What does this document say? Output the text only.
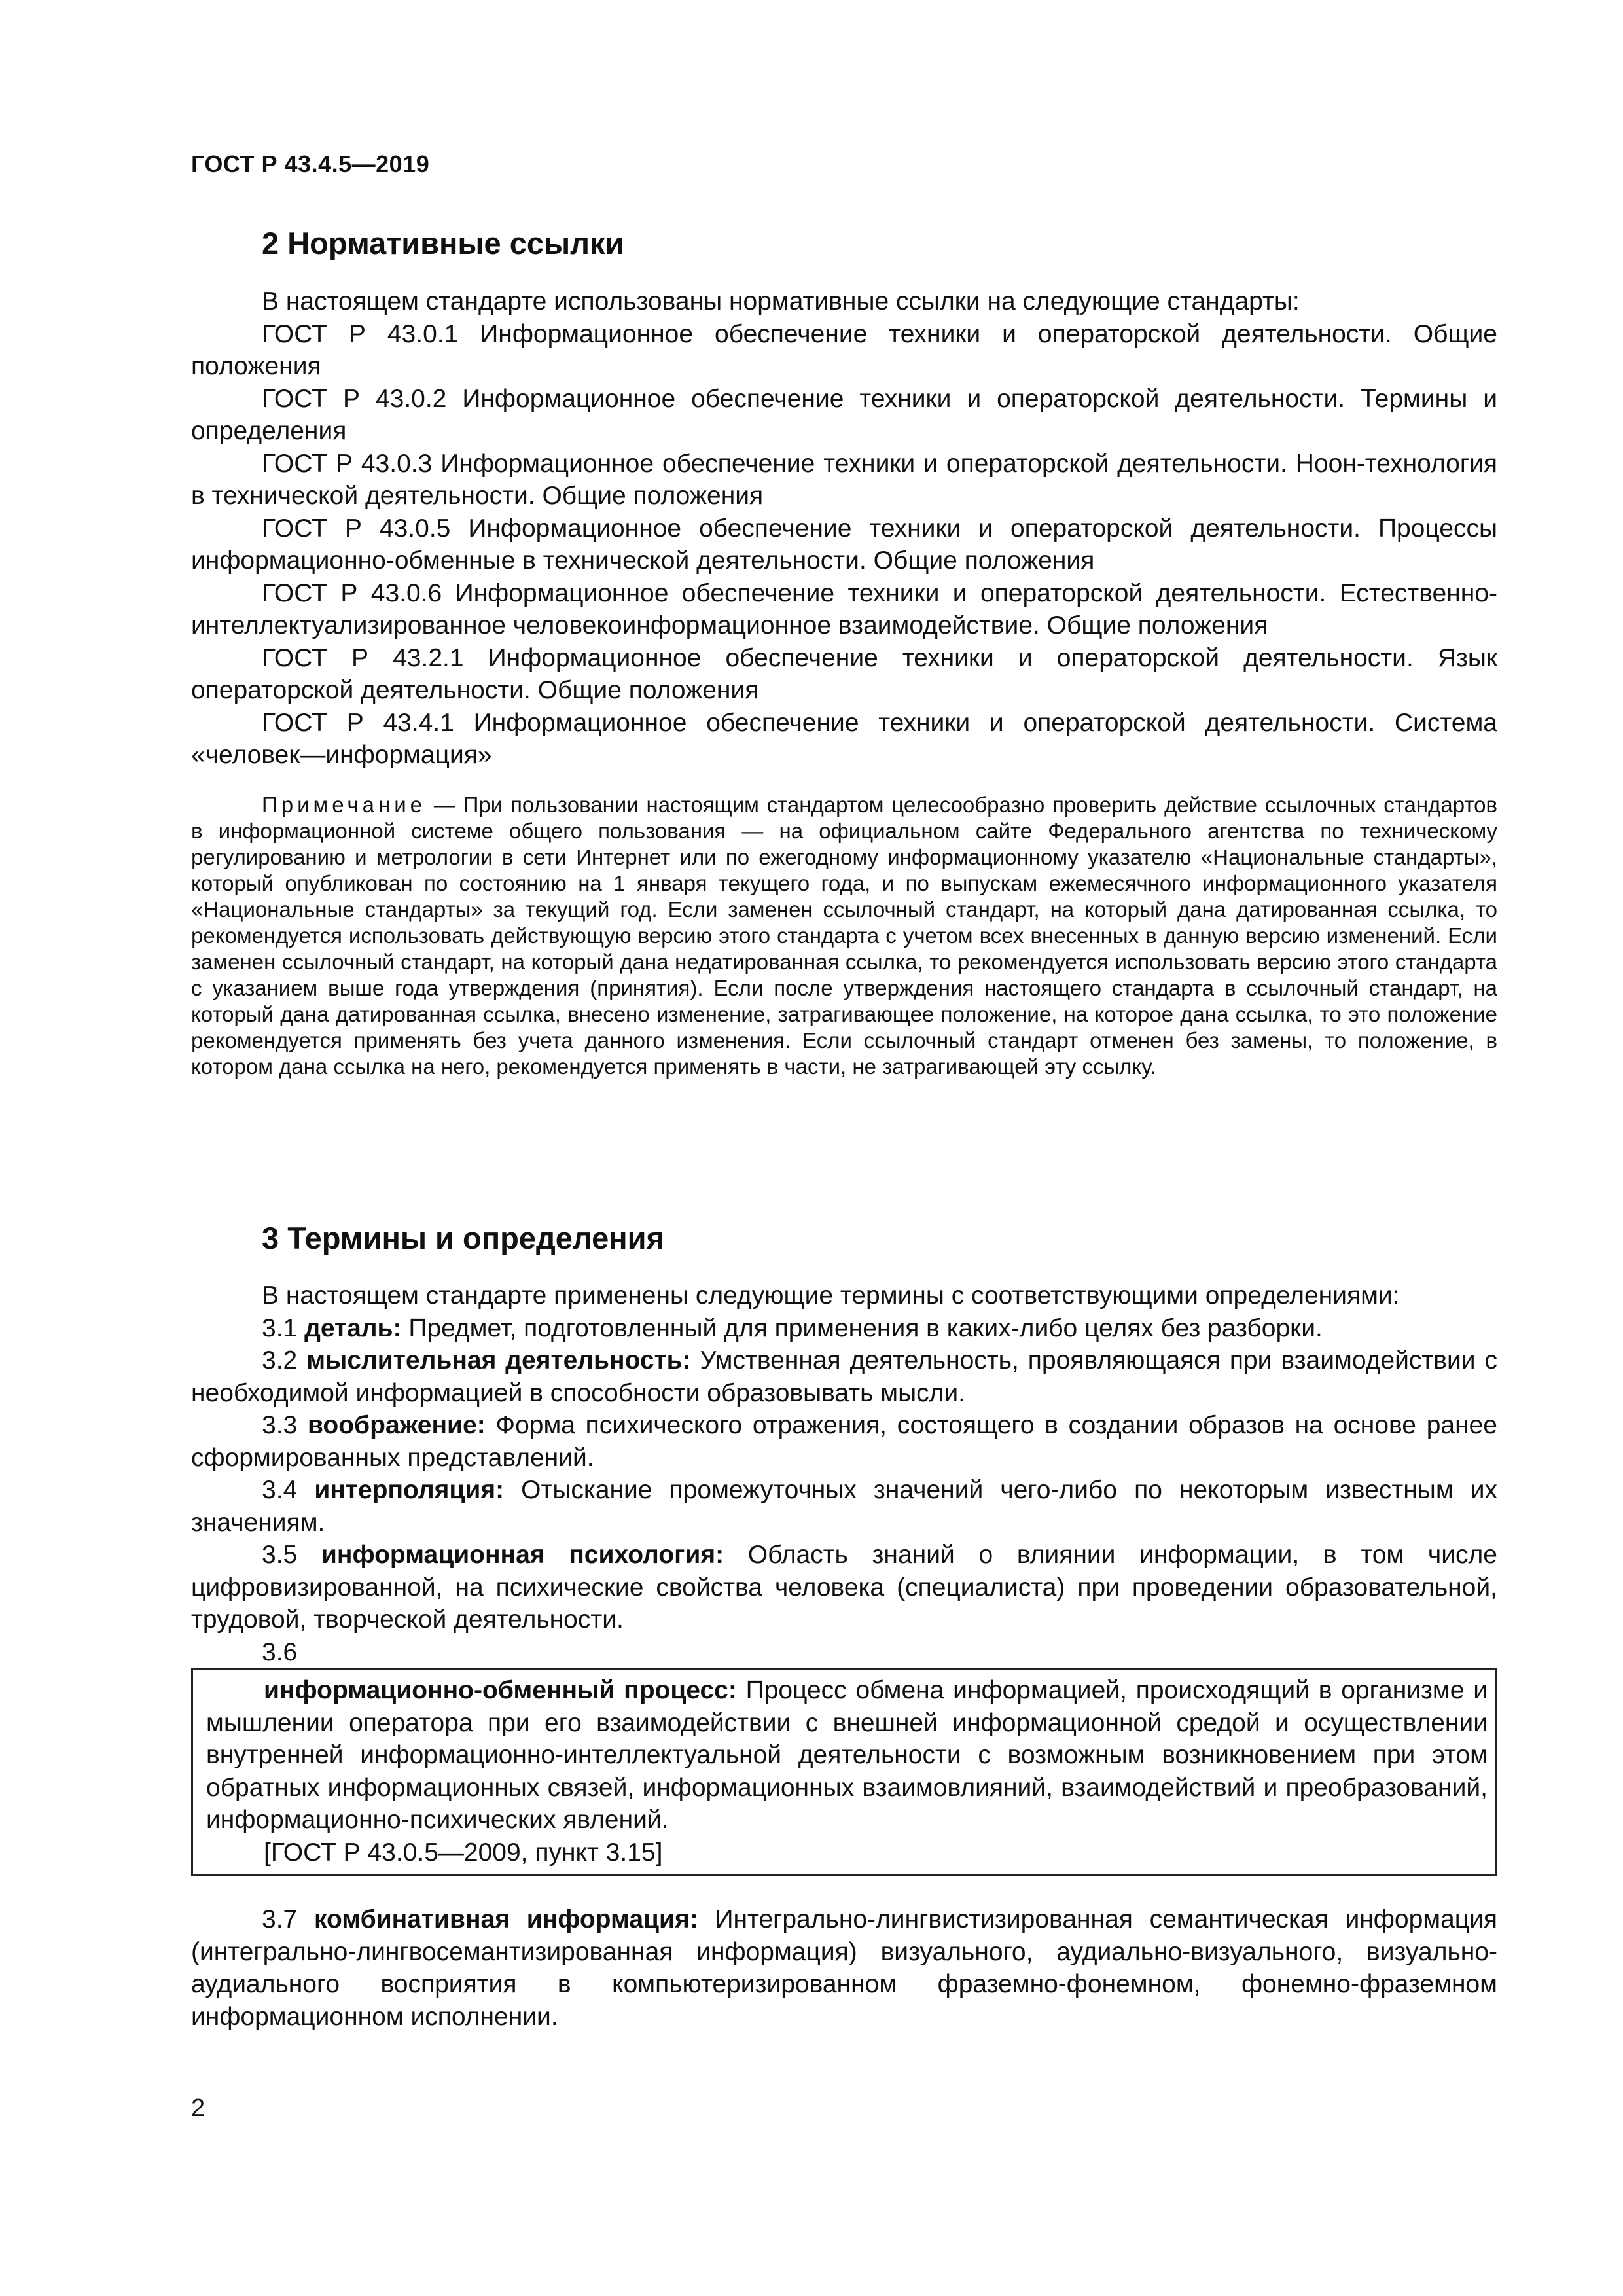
ГОСТ Р 43.4.5—2019
2 Нормативные ссылки

В настоящем стандарте использованы нормативные ссылки на следующие стандарты:

ГОСТ Р 43.0.1 Информационное обеспечение техники и операторской деятельности. Общие положения

ГОСТ Р 43.0.2 Информационное обеспечение техники и операторской деятельности. Термины и определения

ГОСТ Р 43.0.3 Информационное обеспечение техники и операторской деятельности. Ноон-технология в технической деятельности. Общие положения

ГОСТ Р 43.0.5 Информационное обеспечение техники и операторской деятельности. Процессы информационно-обменные в технической деятельности. Общие положения

ГОСТ Р 43.0.6 Информационное обеспечение техники и операторской деятельности. Естественно-интеллектуализированное человекоинформационное взаимодействие. Общие положения

ГОСТ Р 43.2.1 Информационное обеспечение техники и операторской деятельности. Язык операторской деятельности. Общие положения

ГОСТ Р 43.4.1 Информационное обеспечение техники и операторской деятельности. Система «человек—информация»

Примечание — При пользовании настоящим стандартом целесообразно проверить действие ссылочных стандартов в информационной системе общего пользования — на официальном сайте Федерального агентства по техническому регулированию и метрологии в сети Интернет или по ежегодному информационному указателю «Национальные стандарты», который опубликован по состоянию на 1 января текущего года, и по выпускам ежемесячного информационного указателя «Национальные стандарты» за текущий год. Если заменен ссылочный стандарт, на который дана датированная ссылка, то рекомендуется использовать действующую версию этого стандарта с учетом всех внесенных в данную версию изменений. Если заменен ссылочный стандарт, на который дана недатированная ссылка, то рекомендуется использовать версию этого стандарта с указанием выше года утверждения (принятия). Если после утверждения настоящего стандарта в ссылочный стандарт, на который дана датированная ссылка, внесено изменение, затрагивающее положение, на которое дана ссылка, то это положение рекомендуется применять без учета данного изменения. Если ссылочный стандарт отменен без замены, то положение, в котором дана ссылка на него, рекомендуется применять в части, не затрагивающей эту ссылку.

3 Термины и определения

В настоящем стандарте применены следующие термины с соответствующими определениями:

3.1 деталь: Предмет, подготовленный для применения в каких-либо целях без разборки.

3.2 мыслительная деятельность: Умственная деятельность, проявляющаяся при взаимодействии с необходимой информацией в способности образовывать мысли.

3.3 воображение: Форма психического отражения, состоящего в создании образов на основе ранее сформированных представлений.

3.4 интерполяция: Отыскание промежуточных значений чего-либо по некоторым известным их значениям.

3.5 информационная психология: Область знаний о влиянии информации, в том числе цифровизированной, на психические свойства человека (специалиста) при проведении образовательной, трудовой, творческой деятельности.

3.6

информационно-обменный процесс: Процесс обмена информацией, происходящий в организме и мышлении оператора при его взаимодействии с внешней информационной средой и осуществлении внутренней информационно-интеллектуальной деятельности с возможным возникновением при этом обратных информационных связей, информационных взаимовлияний, взаимодействий и преобразований, информационно-психических явлений.

[ГОСТ Р 43.0.5—2009, пункт 3.15]

3.7 комбинативная информация: Интегрально-лингвистизированная семантическая информация (интегрально-лингвосемантизированная информация) визуального, аудиально-визуального, визуально-аудиального восприятия в компьютеризированном фраземно-фонемном, фонемно-фраземном информационном исполнении.

2
